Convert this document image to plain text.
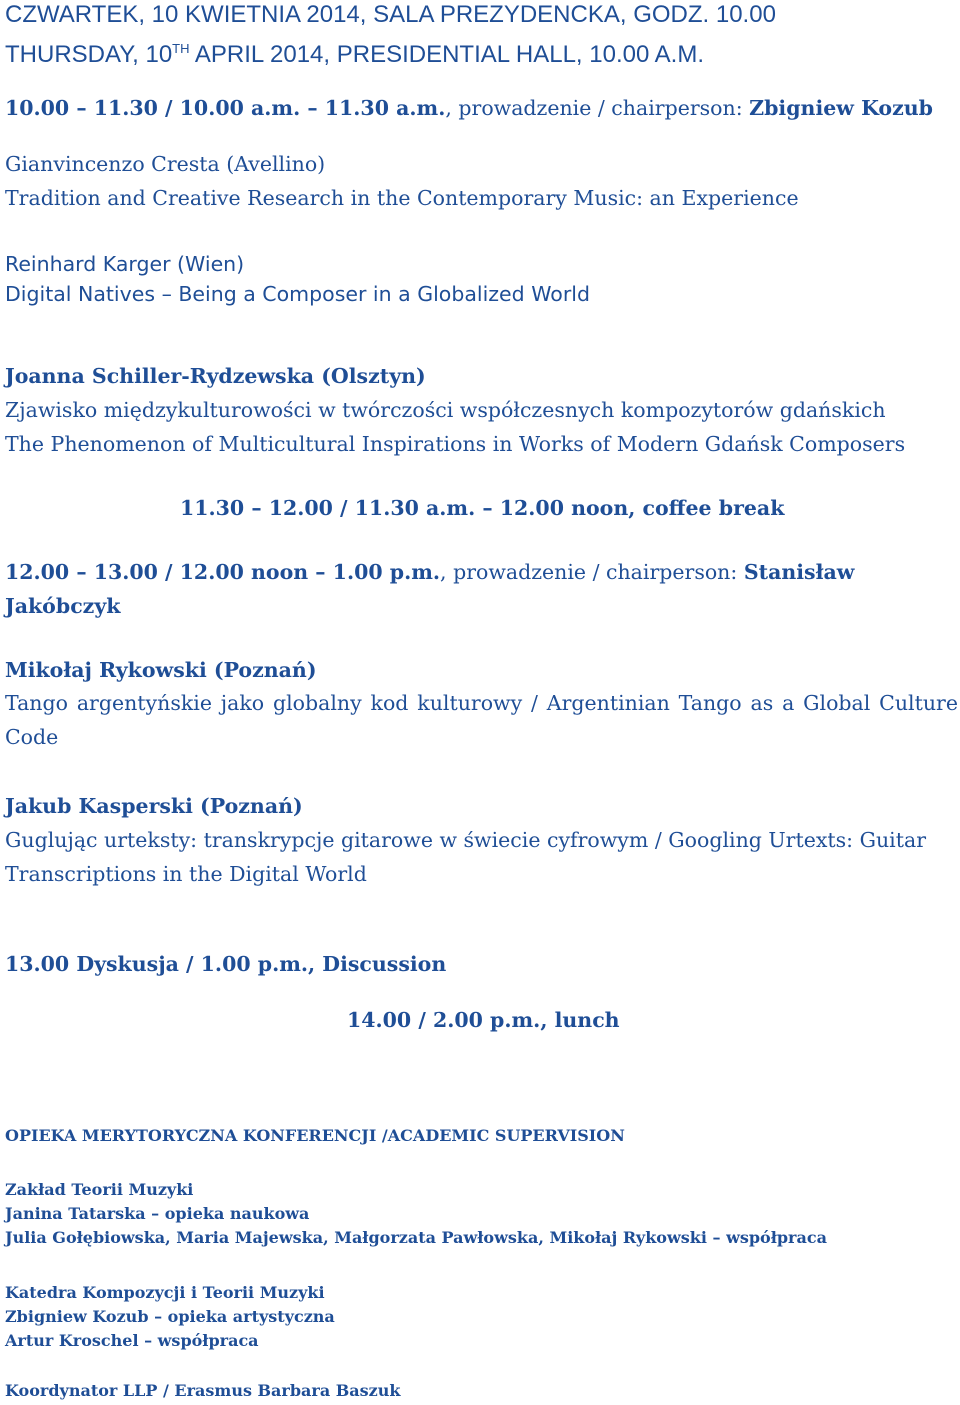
CZWARTEK, 10 KWIETNIA 2014, SALA PREZYDENCKA, GODZ. 10.00
THURSDAY, 10TH APRIL 2014, PRESIDENTIAL HALL, 10.00 A.M.
10.00 – 11.30 / 10.00 a.m. – 11.30 a.m., prowadzenie / chairperson: Zbigniew Kozub
Gianvincenzo Cresta (Avellino)
Tradition and Creative Research in the Contemporary Music: an Experience
Reinhard Karger (Wien)
Digital Natives – Being a Composer in a Globalized World
Joanna Schiller-Rydzewska (Olsztyn)
Zjawisko międzykulturowości w twórczości współczesnych kompozytorów gdańskich
The Phenomenon of Multicultural Inspirations in Works of Modern Gdańsk Composers
11.30 – 12.00 / 11.30 a.m. – 12.00 noon, coffee break
12.00 – 13.00 / 12.00 noon – 1.00 p.m., prowadzenie / chairperson: Stanisław
Jakóbczyk
Mikołaj Rykowski (Poznań)
Tango argentyńskie jako globalny kod kulturowy / Argentinian Tango as a Global Culture Code
Jakub Kasperski (Poznań)
Guglując urteksty: transkrypcje gitarowe w świecie cyfrowym / Googling Urtexts: Guitar
Transcriptions in the Digital World
13.00 Dyskusja / 1.00 p.m., Discussion
14.00 / 2.00 p.m., lunch
OPIEKA MERYTORYCZNA KONFERENCJI /ACADEMIC SUPERVISION
Zakład Teorii Muzyki
Janina Tatarska – opieka naukowa
Julia Gołębiowska, Maria Majewska, Małgorzata Pawłowska, Mikołaj Rykowski – współpraca
Katedra Kompozycji i Teorii Muzyki
Zbigniew Kozub – opieka artystyczna
Artur Kroschel – współpraca
Koordynator LLP / Erasmus Barbara Baszuk
